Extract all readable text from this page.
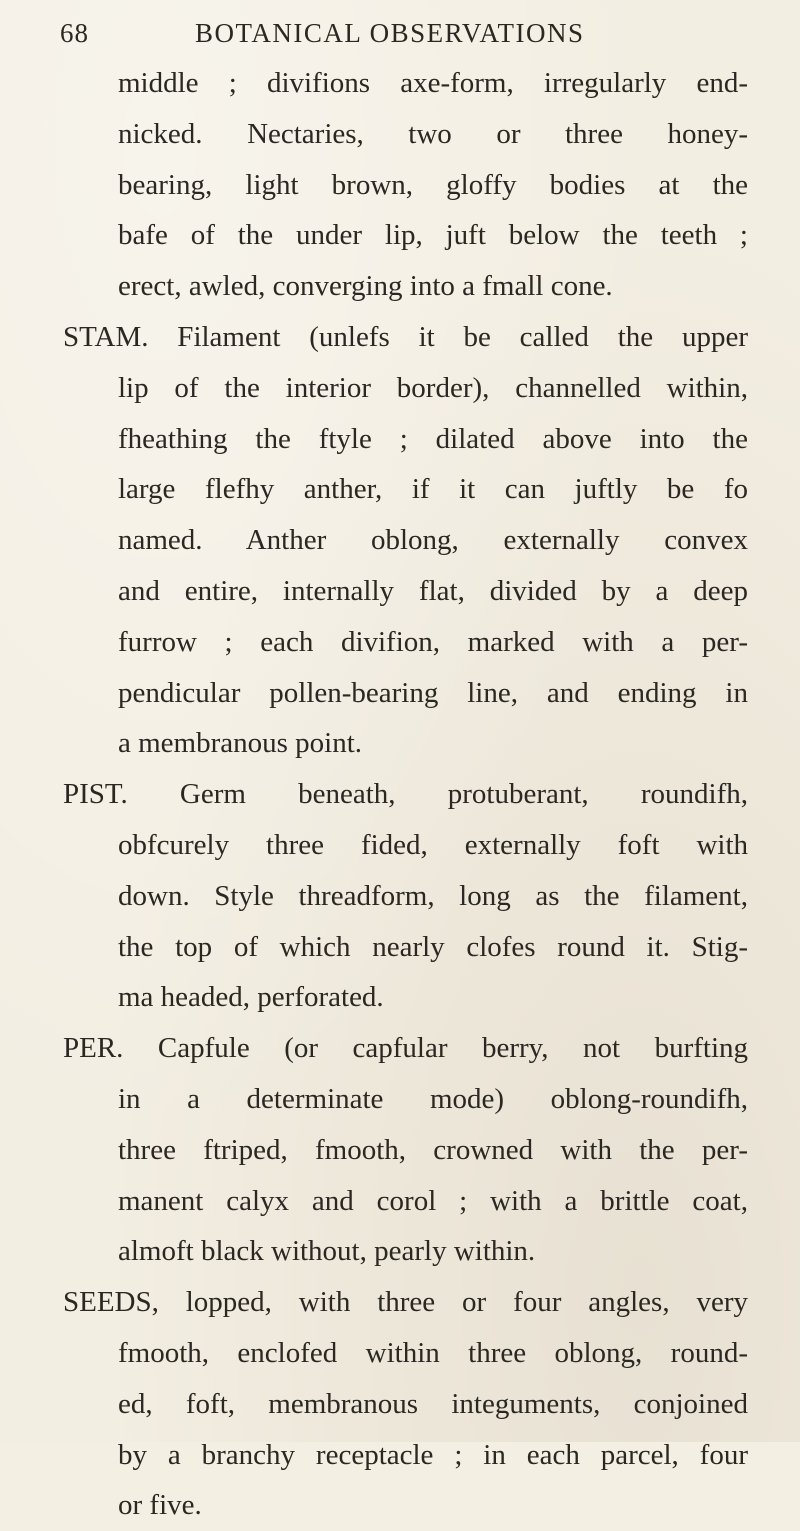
68	BOTANICAL OBSERVATIONS
middle ; divifions axe-form, irregularly end-
nicked. Nectaries, two or three honey-
bearing, light brown, gloffy bodies at the
bafe of the under lip, juft below the teeth ;
erect, awled, converging into a fmall cone.
STAM. Filament (unlefs it be called the upper
lip of the interior border), channelled within,
fheathing the ftyle ; dilated above into the
large flefhy anther, if it can juftly be fo
named. Anther oblong, externally convex
and entire, internally flat, divided by a deep
furrow ; each divifion, marked with a per-
pendicular pollen-bearing line, and ending in
a membranous point.
PIST. Germ beneath, protuberant, roundifh,
obfcurely three fided, externally foft with
down. Style threadform, long as the filament,
the top of which nearly clofes round it. Stig-
ma headed, perforated.
PER. Capfule (or capfular berry, not burfting
in a determinate mode) oblong-roundifh,
three ftriped, fmooth, crowned with the per-
manent calyx and corol ; with a brittle coat,
almoft black without, pearly within.
SEEDS, lopped, with three or four angles, very
fmooth, enclofed within three oblong, round-
ed, foft, membranous integuments, conjoined
by a branchy receptacle ; in each parcel, four
or five.
